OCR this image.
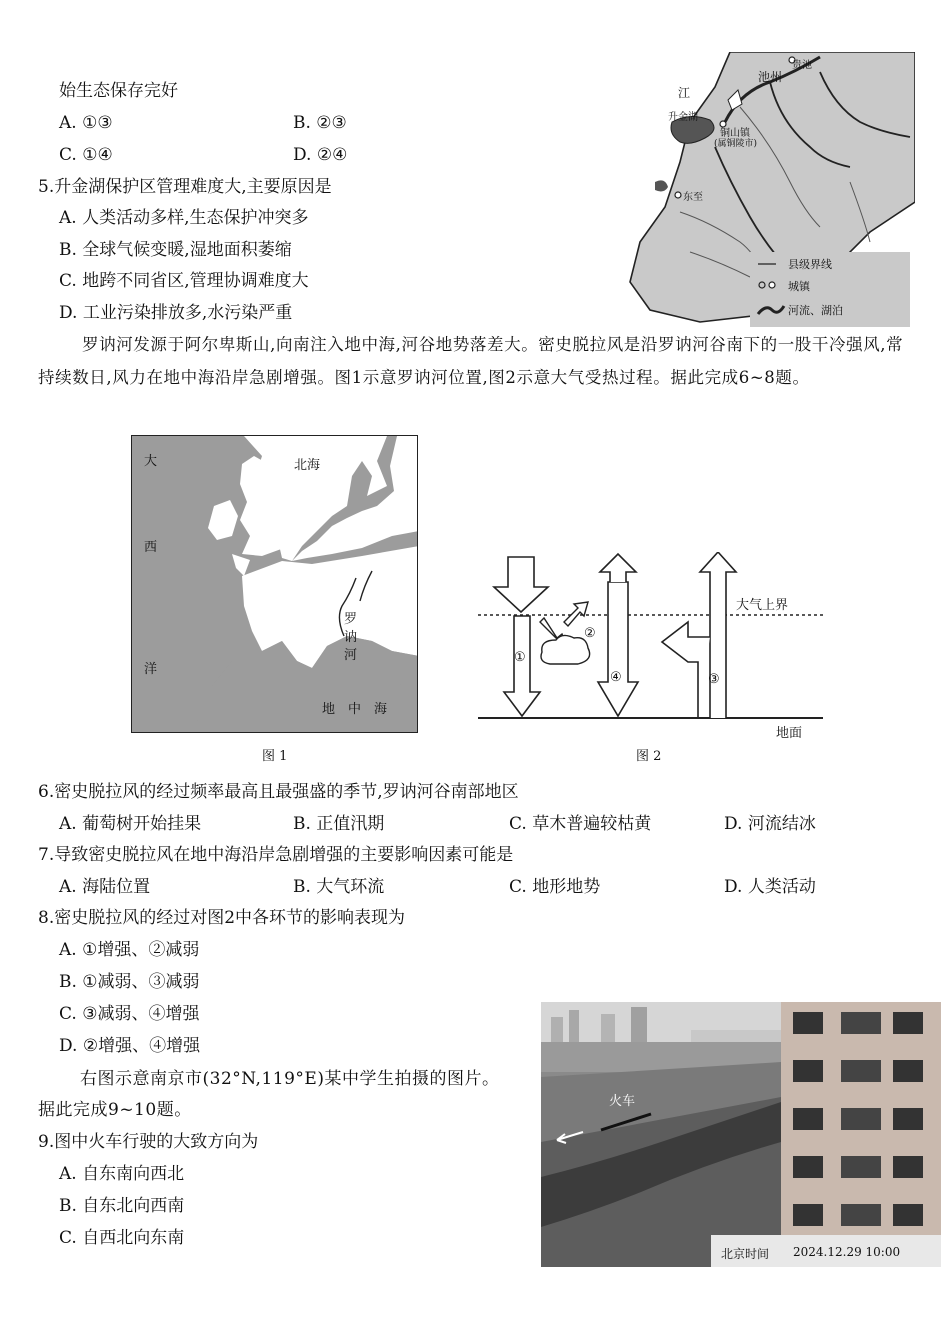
始生态保存完好
A. ①③	B. ②③
C. ①④	D. ②④
5.升金湖保护区管理难度大,主要原因是
A. 人类活动多样,生态保护冲突多
B. 全球气候变暖,湿地面积萎缩
C. 地跨不同省区,管理协调难度大
D. 工业污染排放多,水污染严重
池州
贵池
江
升金湖
铜山镇
(属铜陵市)
东至
县级界线
城镇
河流、湖泊
罗讷河发源于阿尔卑斯山,向南注入地中海,河谷地势落差大。密史脱拉风是沿罗讷河谷南下的一股干冷强风,常持续数日,风力在地中海沿岸急剧增强。图1示意罗讷河位置,图2示意大气受热过程。据此完成6~8题。
大
西
洋
北海
罗
讷
河
地　中　海
图 1
大气上界
地面
①
②
③
④
图 2
6.密史脱拉风的经过频率最高且最强盛的季节,罗讷河谷南部地区
A. 葡萄树开始挂果	B. 正值汛期	C. 草木普遍较枯黄	D. 河流结冰
7.导致密史脱拉风在地中海沿岸急剧增强的主要影响因素可能是
A. 海陆位置	B. 大气环流	C. 地形地势	D. 人类活动
8.密史脱拉风的经过对图2中各环节的影响表现为
A. ①增强、②减弱
B. ①减弱、③减弱
C. ③减弱、④增强
D. ②增强、④增强
右图示意南京市(32°N,119°E)某中学生拍摄的图片。
据此完成9~10题。
9.图中火车行驶的大致方向为
A. 自东南向西北
B. 自东北向西南
C. 自西北向东南
火车
北京时间 2024.12.29 10:00
